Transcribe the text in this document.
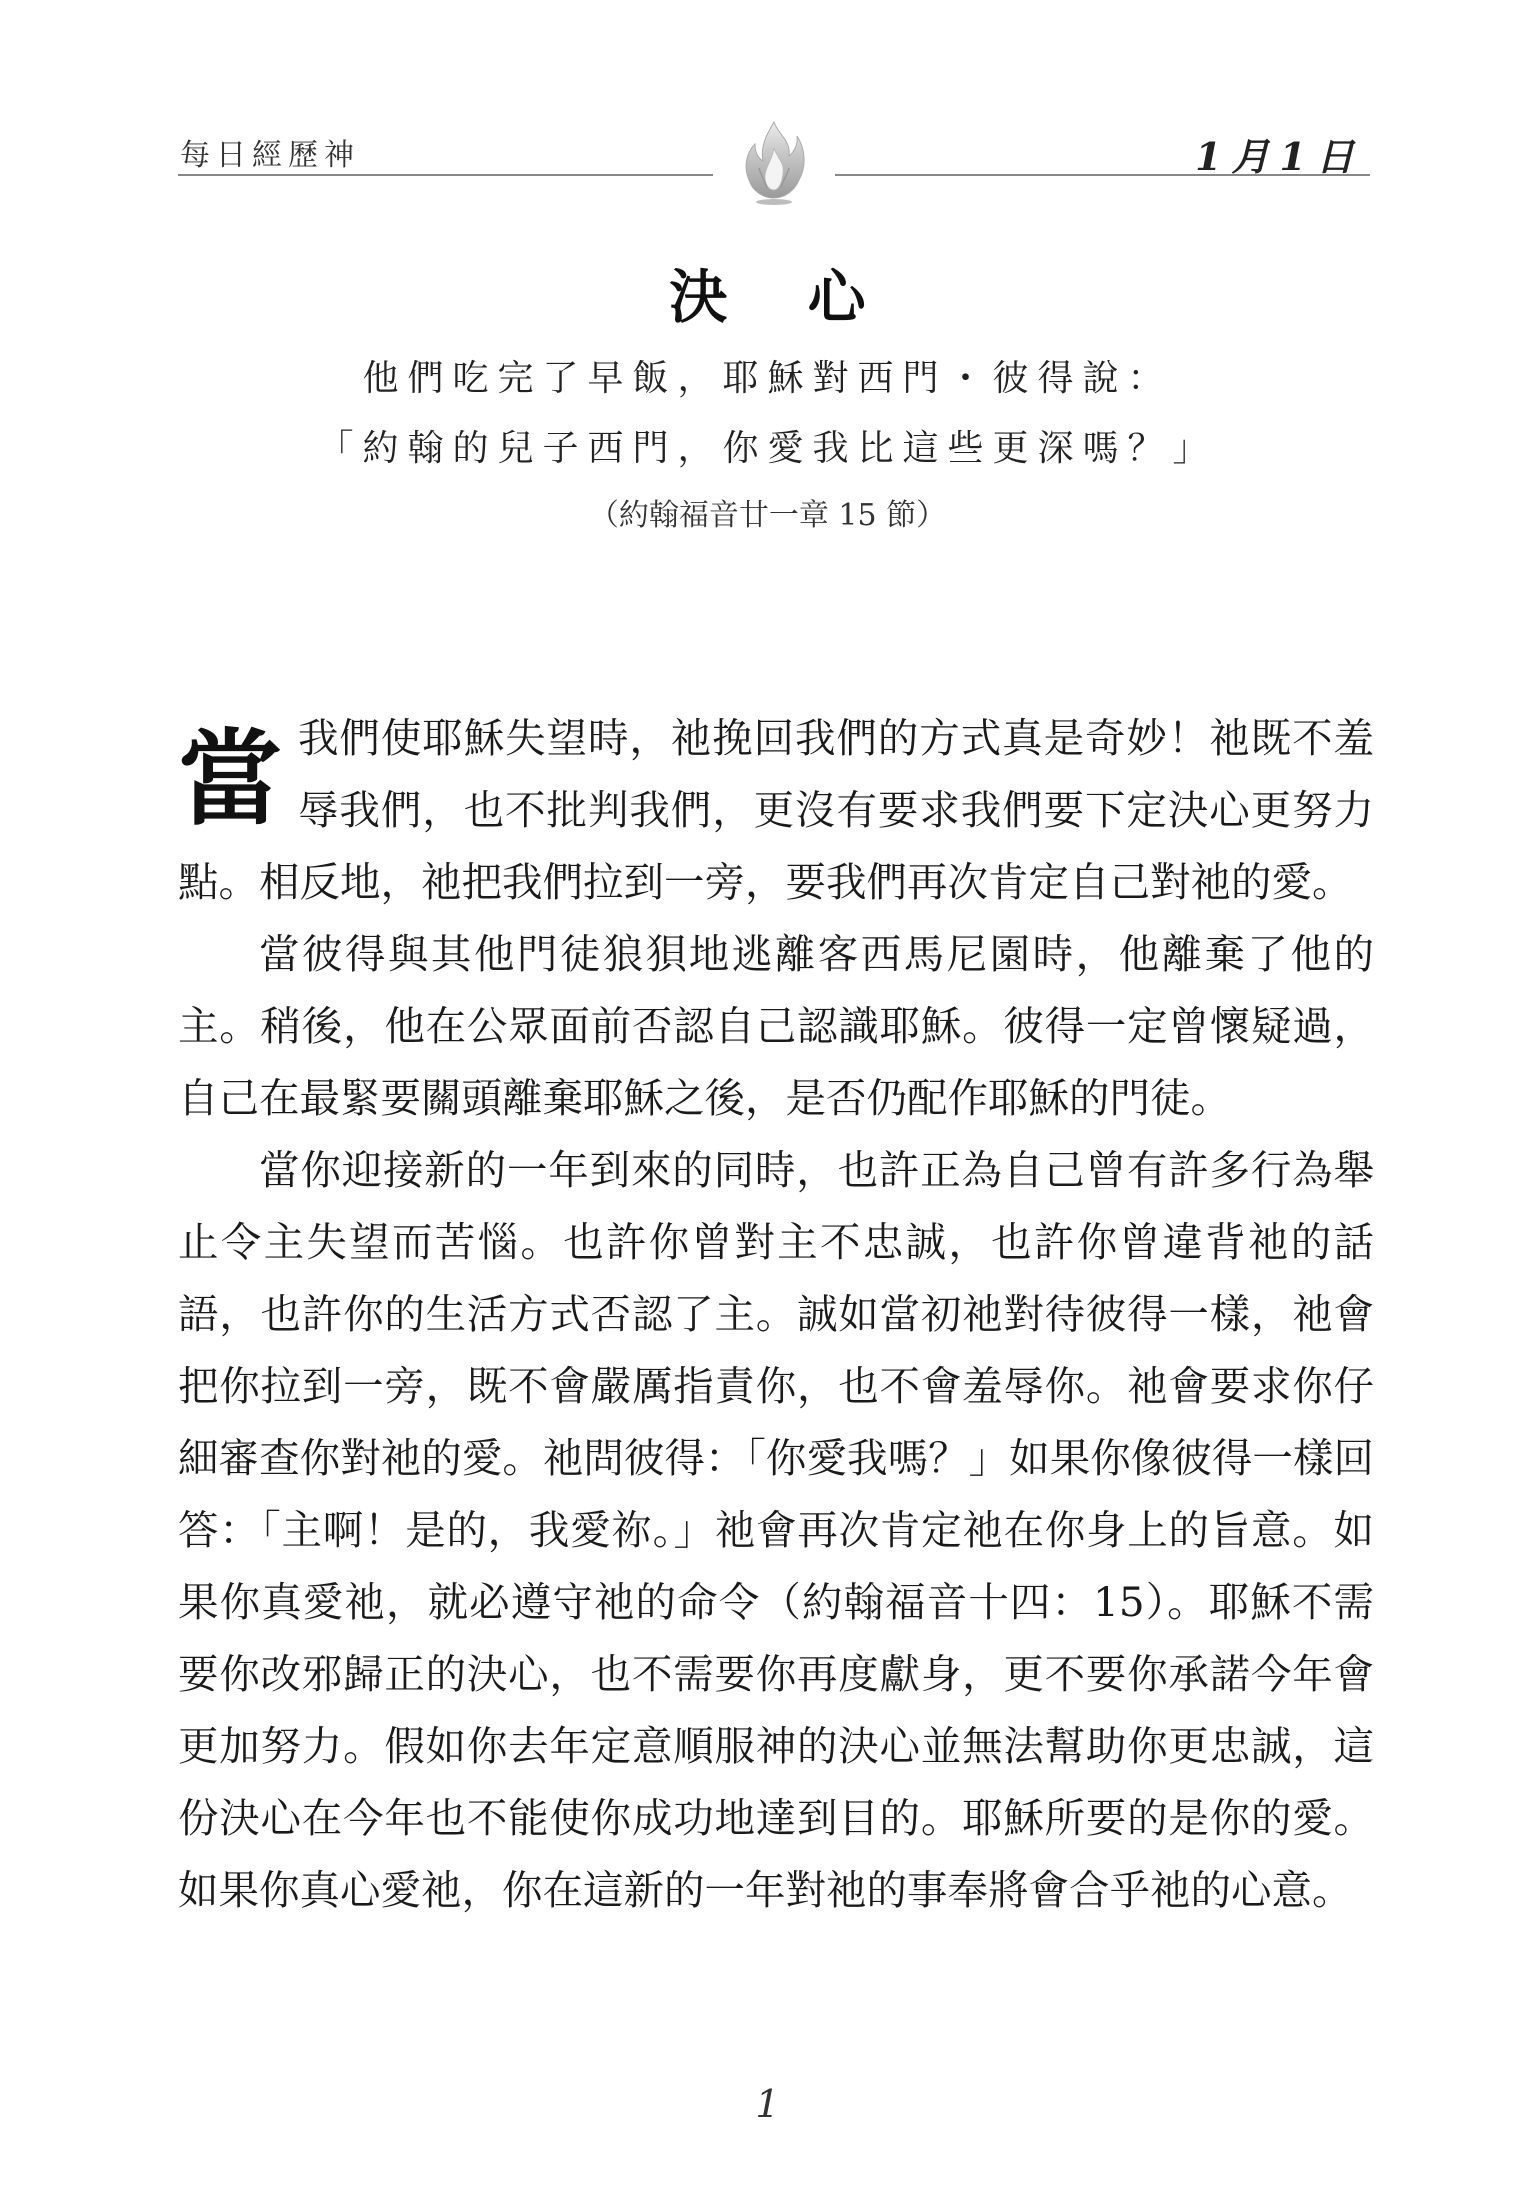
每日經歷神	1月1日
決 心
他們吃完了早飯，耶穌對西門・彼得說：
「約翰的兒子西門，你愛我比這些更深嗎？」
（約翰福音廿一章 15 節）

當我們使耶穌失望時，祂挽回我們的方式真是奇妙！祂既不羞辱我們，也不批判我們，更沒有要求我們要下定決心更努力點。相反地，祂把我們拉到一旁，要我們再次肯定自己對祂的愛。

當彼得與其他門徒狼狽地逃離客西馬尼園時，他離棄了他的主。稍後，他在公眾面前否認自己認識耶穌。彼得一定曾懷疑過，自己在最緊要關頭離棄耶穌之後，是否仍配作耶穌的門徒。

當你迎接新的一年到來的同時，也許正為自己曾有許多行為舉止令主失望而苦惱。也許你曾對主不忠誠，也許你曾違背祂的話語，也許你的生活方式否認了主。誠如當初祂對待彼得一樣，祂會把你拉到一旁，既不會嚴厲指責你，也不會羞辱你。祂會要求你仔細審查你對祂的愛。祂問彼得：「你愛我嗎？」如果你像彼得一樣回答：「主啊！是的，我愛祢。」祂會再次肯定祂在你身上的旨意。如果你真愛祂，就必遵守祂的命令（約翰福音十四：15）。耶穌不需要你改邪歸正的決心，也不需要你再度獻身，更不要你承諾今年會更加努力。假如你去年定意順服神的決心並無法幫助你更忠誠，這份決心在今年也不能使你成功地達到目的。耶穌所要的是你的愛。如果你真心愛祂，你在這新的一年對祂的事奉將會合乎祂的心意。

1
